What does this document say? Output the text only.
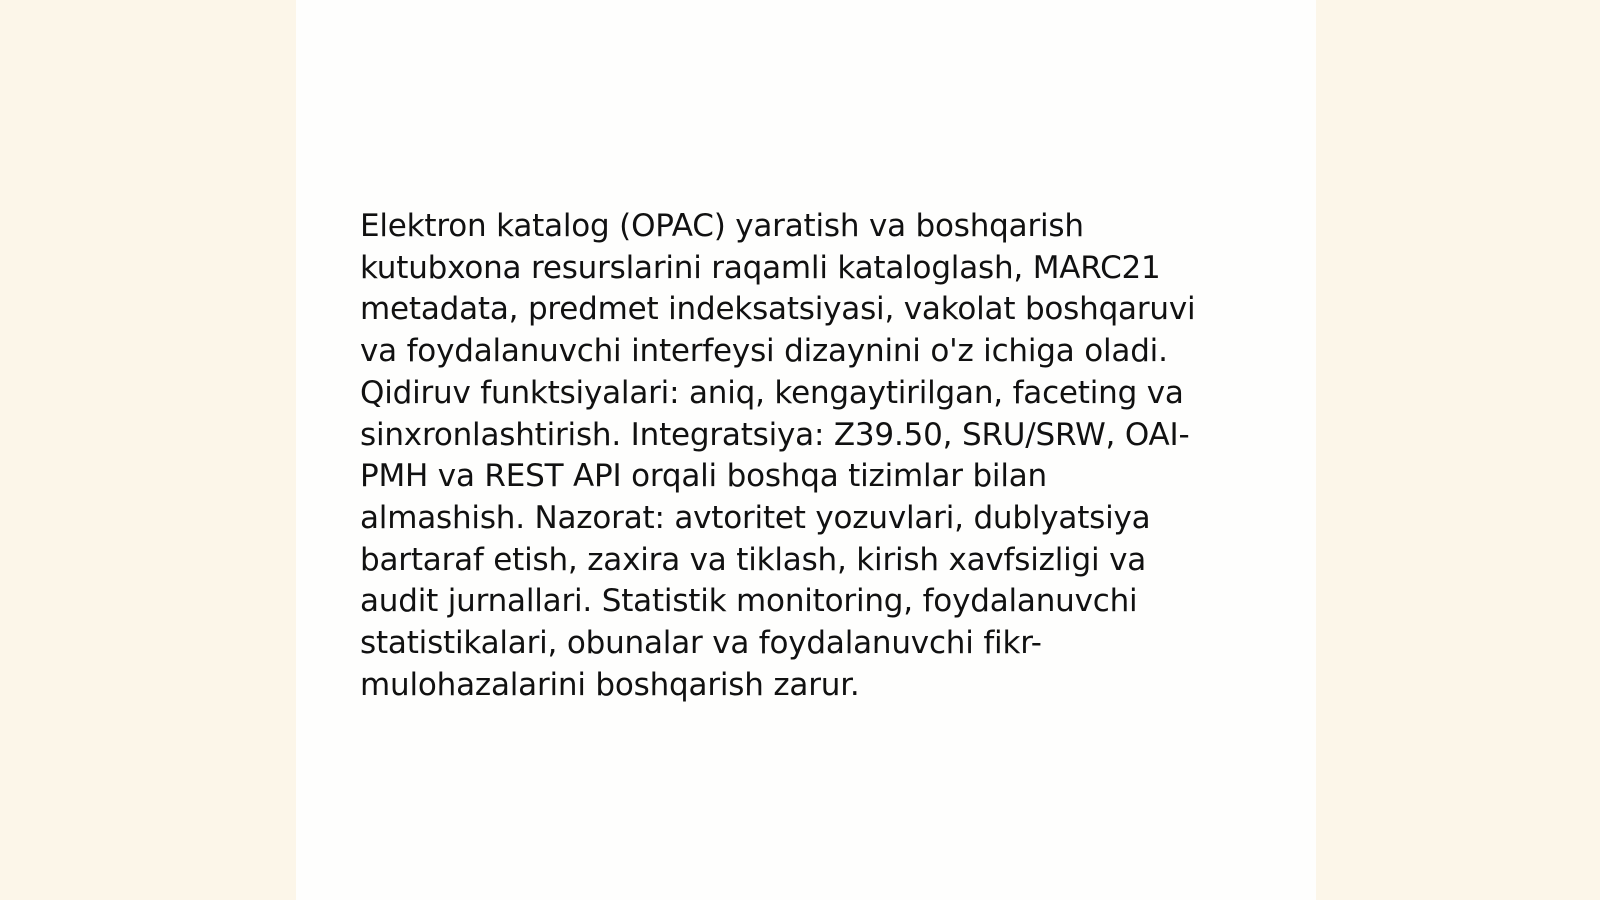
Elektron katalog (OPAC) yaratish va boshqarish
kutubxona resurslarini raqamli kataloglash, MARC21
metadata, predmet indeksatsiyasi, vakolat boshqaruvi
va foydalanuvchi interfeysi dizaynini o'z ichiga oladi.
Qidiruv funktsiyalari: aniq, kengaytirilgan, faceting va
sinxronlashtirish. Integratsiya: Z39.50, SRU/SRW, OAI-
PMH va REST API orqali boshqa tizimlar bilan
almashish. Nazorat: avtoritet yozuvlari, dublyatsiya
bartaraf etish, zaxira va tiklash, kirish xavfsizligi va
audit jurnallari. Statistik monitoring, foydalanuvchi
statistikalari, obunalar va foydalanuvchi fikr-
mulohazalarini boshqarish zarur.
